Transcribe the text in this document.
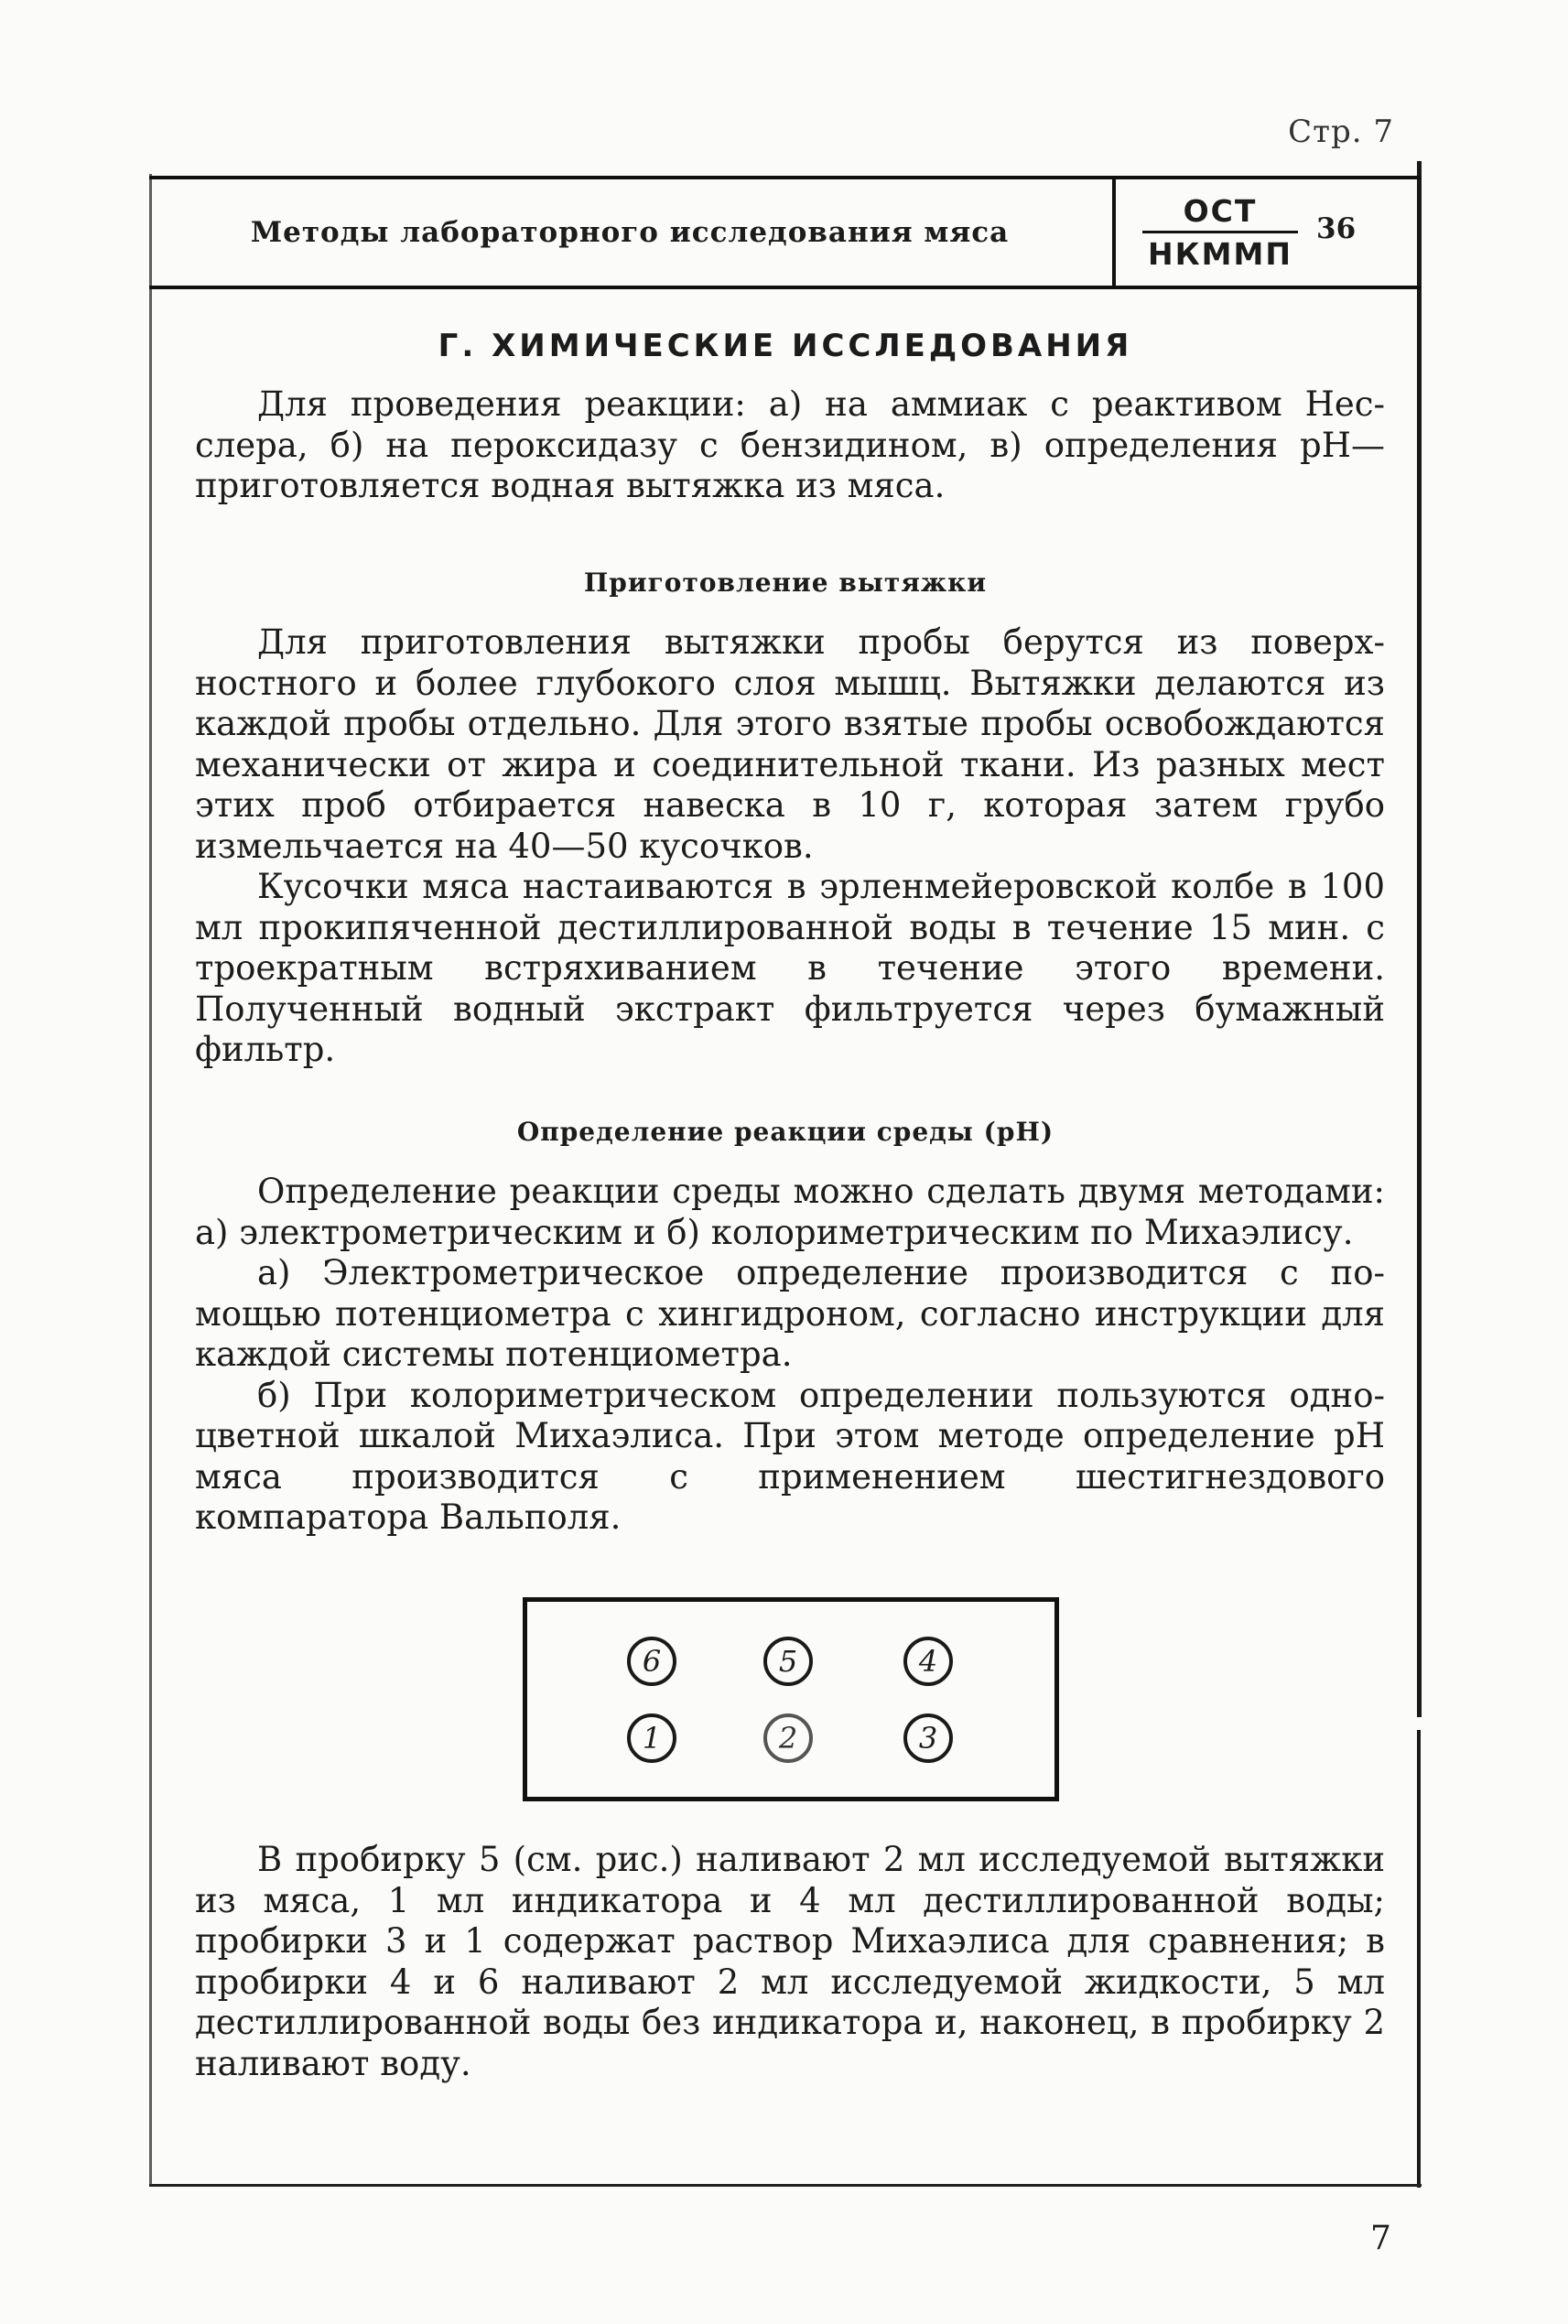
Стр. 7
Методы лабораторного исследования мяса
ОСТ
НКММП
36
Г. ХИМИЧЕСКИЕ ИССЛЕДОВАНИЯ

Для проведения реакции: а) на аммиак с реактивом Несслера, б) на пероксидазу с бензидином, в) определения pH— приготовляется водная вытяжка из мяса.

Приготовление вытяжки

Для приготовления вытяжки пробы берутся из поверхностного и более глубокого слоя мышц. Вытяжки делаются из каждой пробы отдельно. Для этого взятые пробы освобождаются механически от жира и соединительной ткани. Из разных мест этих проб отбирается навеска в 10 г, которая затем грубо измельчается на 40—50 кусочков.

Кусочки мяса настаиваются в эрленмейеровской колбе в 100 мл прокипяченной дестиллированной воды в течение 15 мин. с троекратным встряхиванием в течение этого времени. Полученный водный экстракт фильтруется через бумажный фильтр.

Определение реакции среды (pH)

Определение реакции среды можно сделать двумя методами: а) электрометрическим и б) колориметрическим по Михаэлису.

а) Электрометрическое определение производится с помощью потенциометра с хингидроном, согласно инструкции для каждой системы потенциометра.

б) При колориметрическом определении пользуются одноцветной шкалой Михаэлиса. При этом методе определение pH мяса производится с применением шестигнездового компаратора Вальполя.

6	5	4
1	2	3

В пробирку 5 (см. рис.) наливают 2 мл исследуемой вытяжки из мяса, 1 мл индикатора и 4 мл дестиллированной воды; пробирки 3 и 1 содержат раствор Михаэлиса для сравнения; в пробирки 4 и 6 наливают 2 мл исследуемой жидкости, 5 мл дестиллированной воды без индикатора и, наконец, в пробирку 2 наливают воду.

7
